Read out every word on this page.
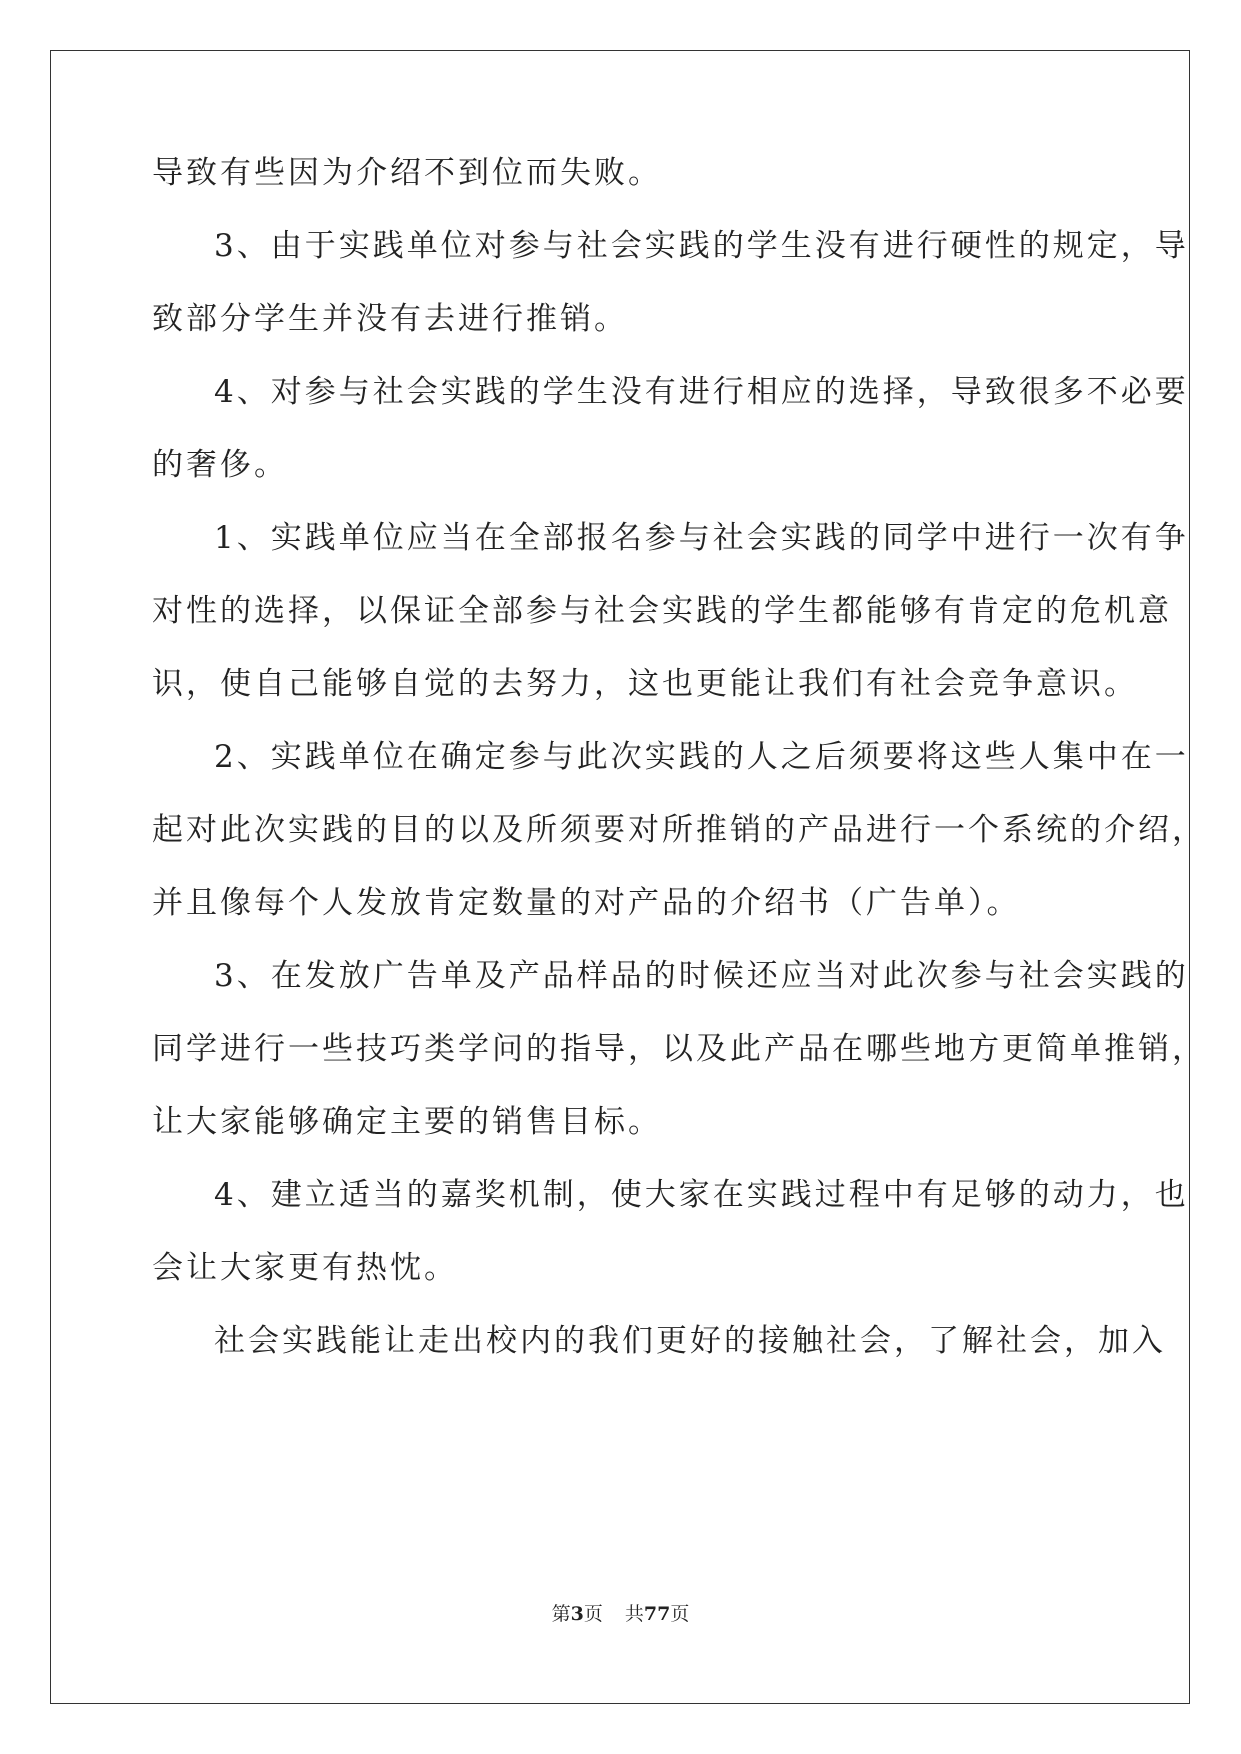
导致有些因为介绍不到位而失败。
3、由于实践单位对参与社会实践的学生没有进行硬性的规定，导
致部分学生并没有去进行推销。
4、对参与社会实践的学生没有进行相应的选择，导致很多不必要
的奢侈。
1、实践单位应当在全部报名参与社会实践的同学中进行一次有争
对性的选择，以保证全部参与社会实践的学生都能够有肯定的危机意
识，使自己能够自觉的去努力，这也更能让我们有社会竞争意识。
2、实践单位在确定参与此次实践的人之后须要将这些人集中在一
起对此次实践的目的以及所须要对所推销的产品进行一个系统的介绍，
并且像每个人发放肯定数量的对产品的介绍书（广告单）。
3、在发放广告单及产品样品的时候还应当对此次参与社会实践的
同学进行一些技巧类学问的指导，以及此产品在哪些地方更简单推销，
让大家能够确定主要的销售目标。
4、建立适当的嘉奖机制，使大家在实践过程中有足够的动力，也
会让大家更有热忱。
社会实践能让走出校内的我们更好的接触社会，了解社会，加入
第3页 共77页
